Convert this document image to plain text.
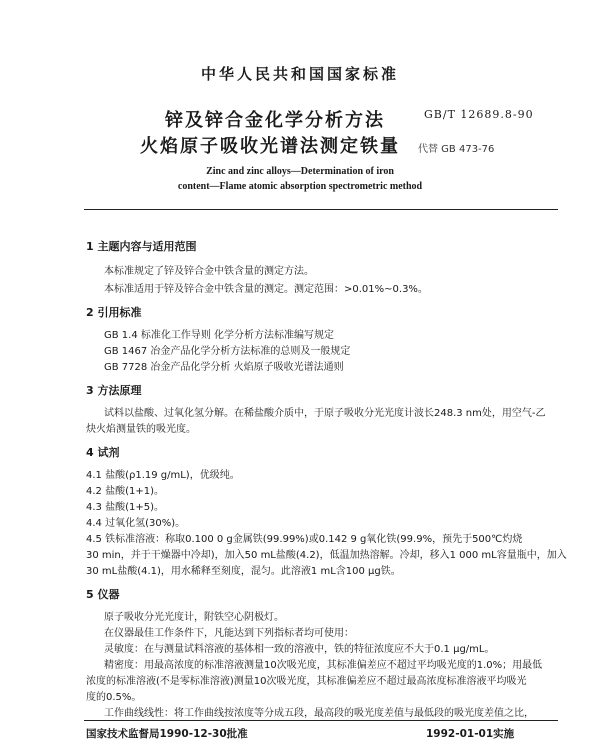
中华人民共和国国家标准
锌及锌合金化学分析方法
火焰原子吸收光谱法测定铁量
GB/T 12689.8-90
代替 GB 473-76
Zinc and zinc alloys—Determination of iron
content—Flame atomic absorption spectrometric method
1 主题内容与适用范围
本标准规定了锌及锌合金中铁含量的测定方法。
本标准适用于锌及锌合金中铁含量的测定。测定范围：>0.01%~0.3%。
2 引用标准
GB 1.4 标准化工作导则 化学分析方法标准编写规定
GB 1467 冶金产品化学分析方法标准的总则及一般规定
GB 7728 冶金产品化学分析 火焰原子吸收光谱法通则
3 方法原理
试料以盐酸、过氧化氢分解。在稀盐酸介质中，于原子吸收分光光度计波长248.3 nm处，用空气-乙
炔火焰测量铁的吸光度。
4 试剂
4.1 盐酸(ρ1.19 g/mL)，优级纯。
4.2 盐酸(1+1)。
4.3 盐酸(1+5)。
4.4 过氧化氢(30%)。
4.5 铁标准溶液：称取0.100 0 g金属铁(99.99%)或0.142 9 g氧化铁(99.9%，预先于500℃灼烧
30 min，并于干燥器中冷却)，加入50 mL盐酸(4.2)，低温加热溶解。冷却，移入1 000 mL容量瓶中，加入
30 mL盐酸(4.1)，用水稀释至刻度，混匀。此溶液1 mL含100 μg铁。
5 仪器
原子吸收分光光度计，附铁空心阴极灯。
在仪器最佳工作条件下，凡能达到下列指标者均可使用：
灵敏度：在与测量试料溶液的基体相一致的溶液中，铁的特征浓度应不大于0.1 μg/mL。
精密度：用最高浓度的标准溶液测量10次吸光度，其标准偏差应不超过平均吸光度的1.0%；用最低
浓度的标准溶液(不是零标准溶液)测量10次吸光度，其标准偏差应不超过最高浓度标准溶液平均吸光
度的0.5%。
工作曲线线性：将工作曲线按浓度等分成五段，最高段的吸光度差值与最低段的吸光度差值之比，
国家技术监督局1990-12-30批准	1992-01-01实施
